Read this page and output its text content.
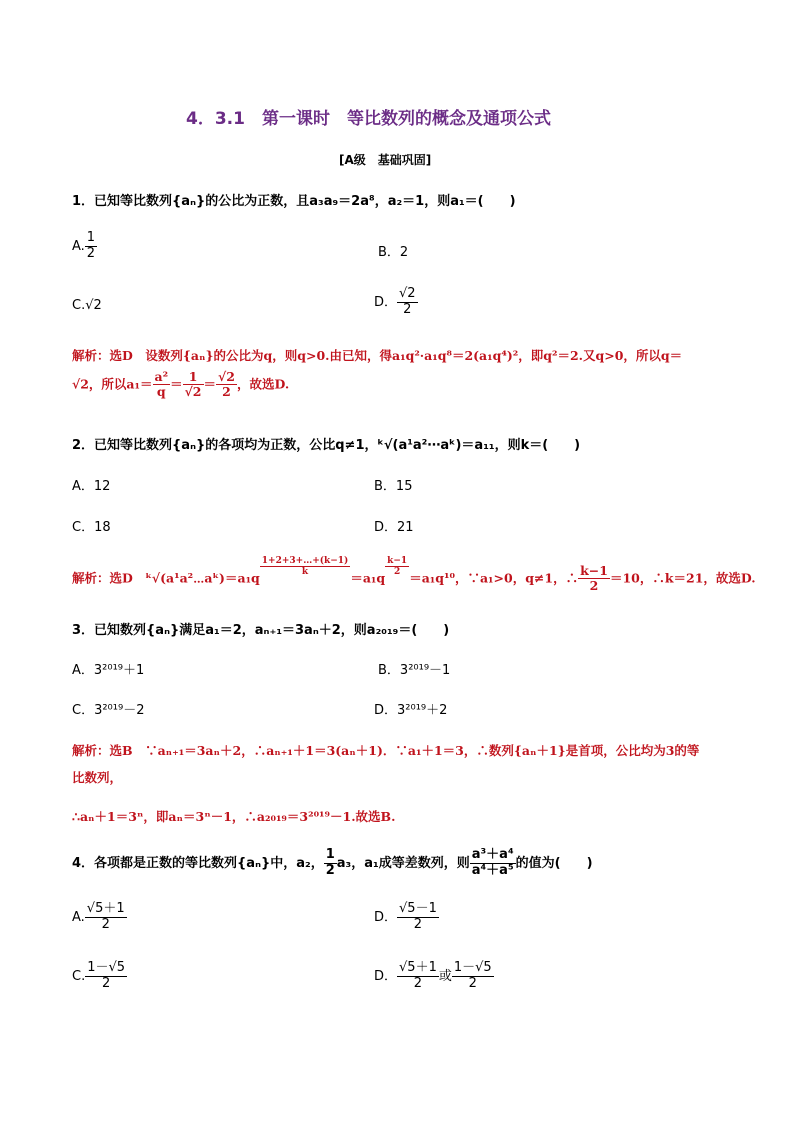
4．3.1　第一课时　等比数列的概念及通项公式
[A级　基础巩固]
1．已知等比数列{aₙ}的公比为正数，且a₃a₉＝2a⁸，a₂＝1，则a₁＝(　　)
A. $\frac{1}{2}$	B．2
C.√2	D． $\frac{√2}{2}$
解析：选D　设数列{aₙ}的公比为q，则q>0.由已知，得a₁q²·a₁q⁸＝2(a₁q⁴)²，即q²＝2.又q>0，所以q＝
√2，所以$a_1= \frac{\text{a²}}{q} = \frac{1}{√2} = \frac{√2}{2}$ ，故选D.
2．已知等比数列{aₙ}的各项均为正数，公比q≠1，ᵏ√(a¹a²⋯aᵏ)＝a₁₁，则k＝(　　)
A．12	B．15
C．18	D．21
解析：选D　ᵏ√(a¹a²⋯aᵏ)＝a₁q
$\frac{1+2+3+\dots+(k-1)}{k}$
＝a₁q
$\frac{k-1}{2}$
＝a₁q¹⁰，∵a₁>0，q≠1，∴ $\frac{k-1}{2} =10$，∴k＝21，故选D.
3．已知数列{aₙ}满足a₁＝2，aₙ₊₁＝3aₙ＋2，则a₂₀₁₉＝(　　)
A．3²⁰¹⁹＋1	B．3²⁰¹⁹－1
C．3²⁰¹⁹－2	D．3²⁰¹⁹＋2
解析：选B　∵aₙ₊₁＝3aₙ＋2，∴aₙ₊₁＋1＝3(aₙ＋1)．∵a₁＋1＝3，∴数列{aₙ＋1}是首项，公比均为3的等
比数列，
∴aₙ＋1＝3ⁿ，即aₙ＝3ⁿ－1，∴a₂₀₁₉＝3²⁰¹⁹－1.故选B.
4．各项都是正数的等比数列{aₙ}中，a₂， $\frac{1}{2} a_3$，a₁成等差数列，则 $\frac{\text{a³＋a⁴}}{\text{a⁴＋a⁵}}$ 的值为(　　)
A. $\frac{√5+1}{2}$	D． $\frac{√5-1}{2}$
C. $\frac{1-√5}{2}$	D． $\frac{√5+1}{2}$ 或 $\frac{1-√5}{2}$
